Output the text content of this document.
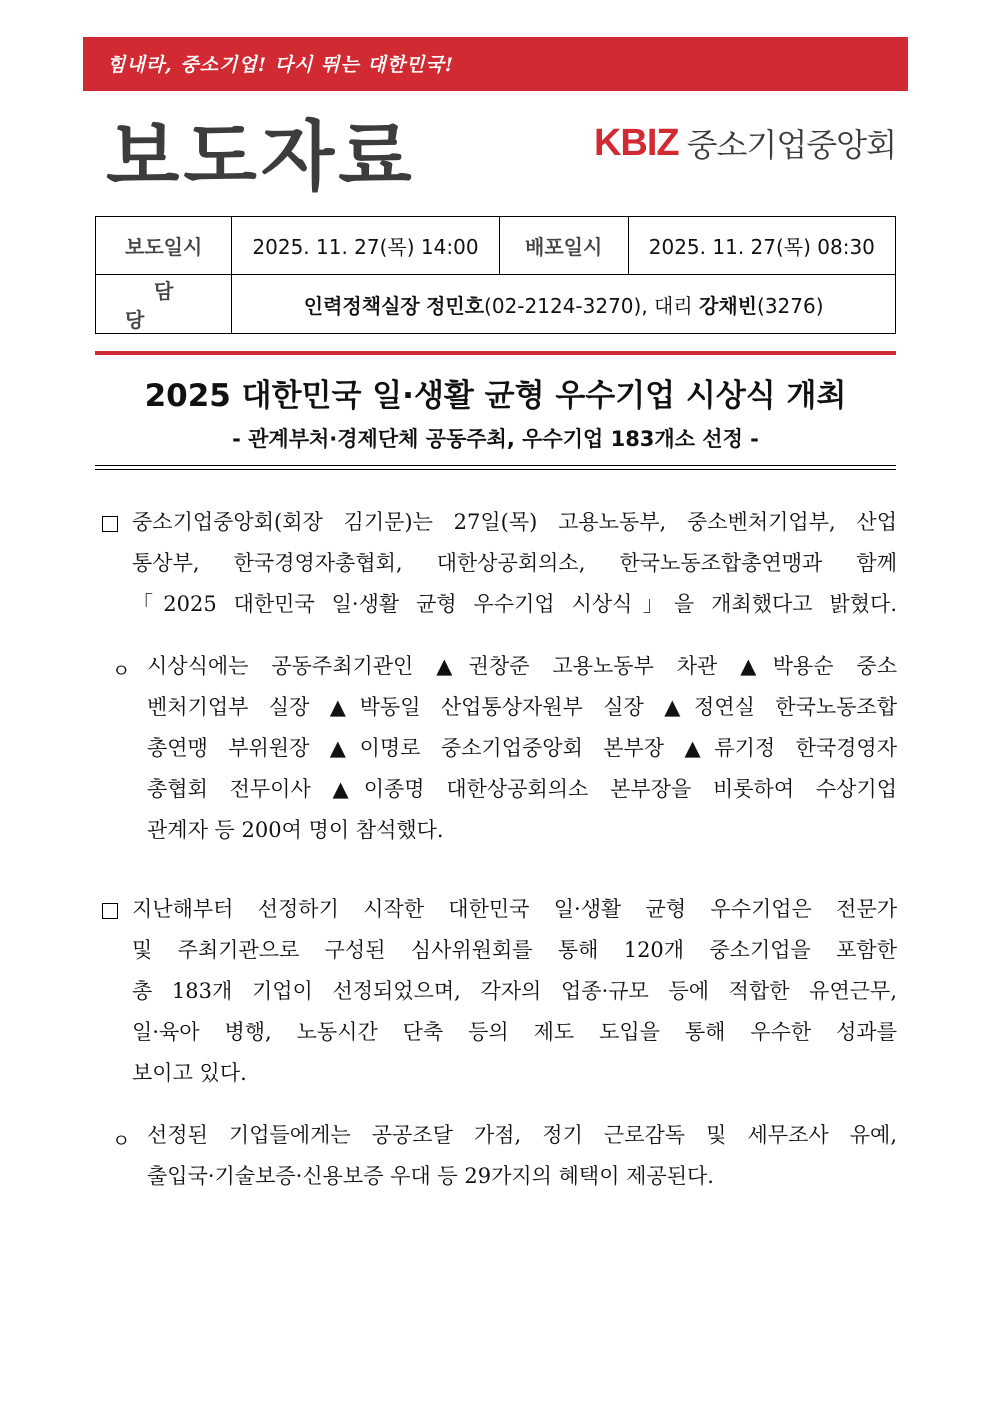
힘내라, 중소기업! 다시 뛰는 대한민국!
보도자료	KBIZ 중소기업중앙회
보도일시	2025. 11. 27(목) 14:00	배포일시	2025. 11. 27(목) 08:30
담당	인력정책실장 정민호(02-2124-3270), 대리 강채빈(3276)		
2025 대한민국 일·생활 균형 우수기업 시상식 개최
- 관계부처·경제단체 공동주최, 우수기업 183개소 선정 -
중소기업중앙회(회장 김기문)는 27일(목) 고용노동부, 중소벤처기업부, 산업
통상부, 한국경영자총협회, 대한상공회의소, 한국노동조합총연맹과 함께
「2025 대한민국 일·생활 균형 우수기업 시상식」을 개최했다고 밝혔다.
ㅇ 시상식에는 공동주최기관인 ▲권창준 고용노동부 차관 ▲박용순 중소
벤처기업부 실장 ▲박동일 산업통상자원부 실장 ▲정연실 한국노동조합
총연맹 부위원장 ▲이명로 중소기업중앙회 본부장 ▲류기정 한국경영자
총협회 전무이사 ▲이종명 대한상공회의소 본부장을 비롯하여 수상기업
관계자 등 200여 명이 참석했다.
지난해부터 선정하기 시작한 대한민국 일·생활 균형 우수기업은 전문가
및 주최기관으로 구성된 심사위원회를 통해 120개 중소기업을 포함한
총 183개 기업이 선정되었으며, 각자의 업종·규모 등에 적합한 유연근무,
일·육아 병행, 노동시간 단축 등의 제도 도입을 통해 우수한 성과를
보이고 있다.
ㅇ 선정된 기업들에게는 공공조달 가점, 정기 근로감독 및 세무조사 유예,
출입국·기술보증·신용보증 우대 등 29가지의 혜택이 제공된다.
